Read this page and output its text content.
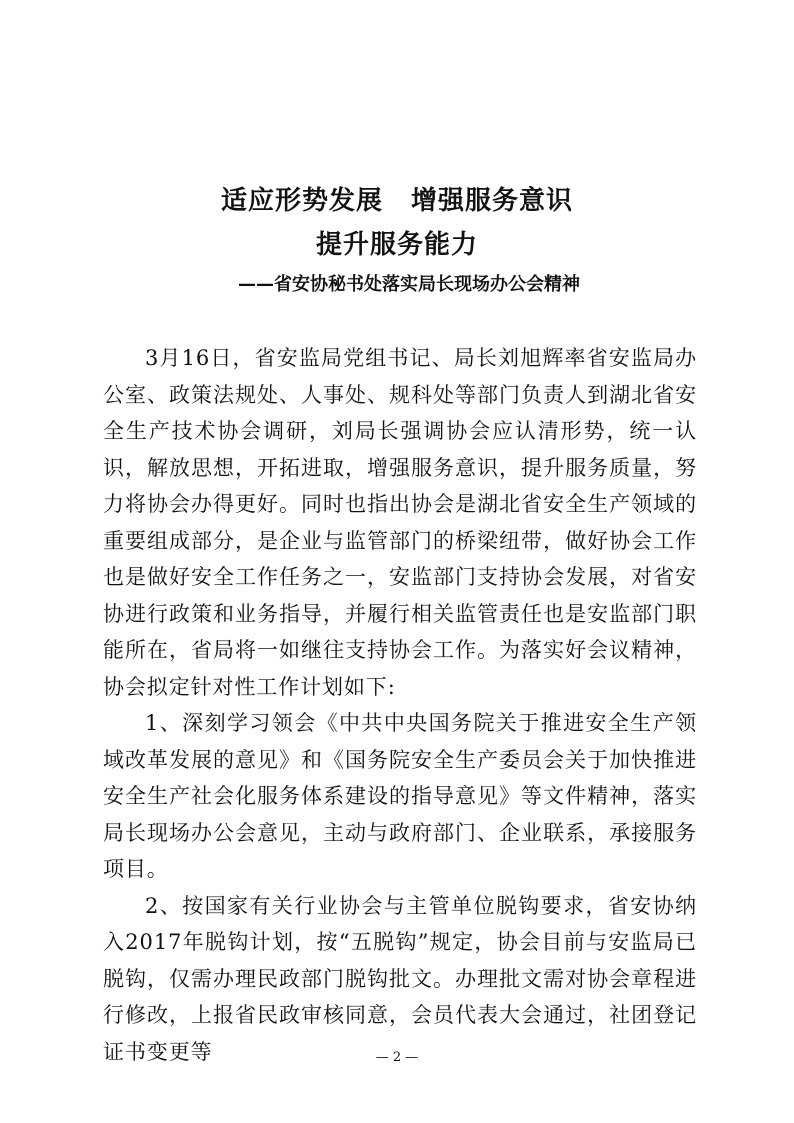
适应形势发展 增强服务意识
提升服务能力
——省安协秘书处落实局长现场办公会精神

3月16日，省安监局党组书记、局长刘旭辉率省安监局办公室、政策法规处、人事处、规科处等部门负责人到湖北省安全生产技术协会调研，刘局长强调协会应认清形势，统一认识，解放思想，开拓进取，增强服务意识，提升服务质量，努力将协会办得更好。同时也指出协会是湖北省安全生产领域的重要组成部分，是企业与监管部门的桥梁纽带，做好协会工作也是做好安全工作任务之一，安监部门支持协会发展，对省安协进行政策和业务指导，并履行相关监管责任也是安监部门职能所在，省局将一如继往支持协会工作。为落实好会议精神，协会拟定针对性工作计划如下:

1、深刻学习领会《中共中央国务院关于推进安全生产领域改革发展的意见》和《国务院安全生产委员会关于加快推进安全生产社会化服务体系建设的指导意见》等文件精神，落实局长现场办公会意见，主动与政府部门、企业联系，承接服务项目。

2、按国家有关行业协会与主管单位脱钩要求，省安协纳入2017年脱钩计划，按“五脱钩”规定，协会目前与安监局已脱钩，仅需办理民政部门脱钩批文。办理批文需对协会章程进行修改，上报省民政审核同意，会员代表大会通过，社团登记证书变更等	— 2 —
